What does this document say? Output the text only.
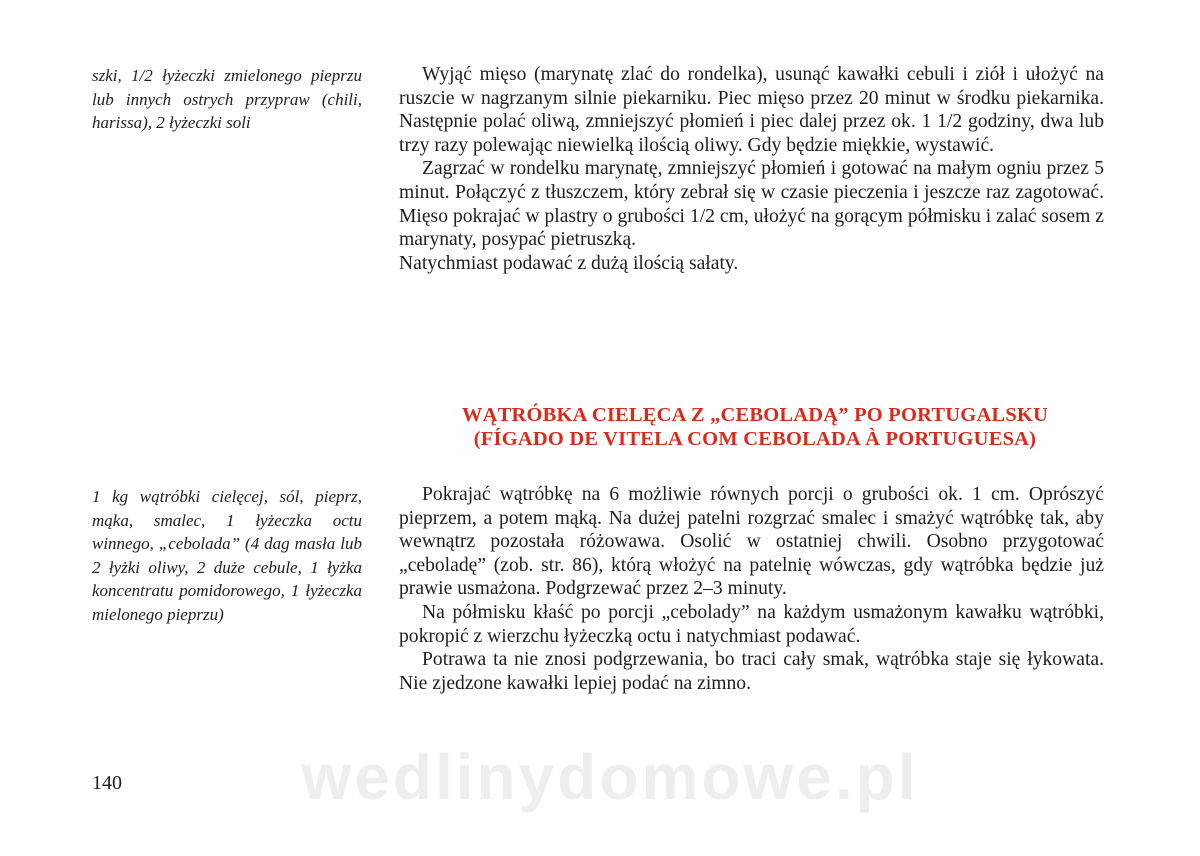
szki, 1/2 łyżeczki zmielonego pieprzu lub innych ostrych przypraw (chili, harissa), 2 łyżeczki soli

Wyjąć mięso (marynatę zlać do rondelka), usunąć kawałki cebuli i ziół i ułożyć na ruszcie w nagrzanym silnie piekarniku. Piec mięso przez 20 minut w środku piekarnika. Następnie polać oliwą, zmniejszyć płomień i piec dalej przez ok. 1 1/2 godziny, dwa lub trzy razy polewając niewielką ilością oliwy. Gdy będzie miękkie, wystawić.

Zagrzać w rondelku marynatę, zmniejszyć płomień i gotować na małym ogniu przez 5 minut. Połączyć z tłuszczem, który zebrał się w czasie pieczenia i jeszcze raz zagotować. Mięso pokrajać w plastry o grubości 1/2 cm, ułożyć na gorącym półmisku i zalać sosem z marynaty, posypać pietruszką.

Natychmiast podawać z dużą ilością sałaty.

WĄTRÓBKA CIELĘCA Z „CEBOLADĄ” PO PORTUGALSKU
(FÍGADO DE VITELA COM CEBOLADA À PORTUGUESA)

1 kg wątróbki cielęcej, sól, pieprz, mąka, smalec, 1 łyżeczka octu winnego, „cebolada” (4 dag masła lub 2 łyżki oliwy, 2 duże cebule, 1 łyżka koncentratu pomidorowego, 1 łyżeczka mielonego pieprzu)

Pokrajać wątróbkę na 6 możliwie równych porcji o grubości ok. 1 cm. Oprószyć pieprzem, a potem mąką. Na dużej patelni rozgrzać smalec i smażyć wątróbkę tak, aby wewnątrz pozostała różowawa. Osolić w ostatniej chwili. Osobno przygotować „ceboladę” (zob. str. 86), którą włożyć na patelnię wówczas, gdy wątróbka będzie już prawie usmażona. Podgrzewać przez 2–3 minuty.

Na półmisku kłaść po porcji „cebolady” na każdym usmażonym kawałku wątróbki, pokropić z wierzchu łyżeczką octu i natychmiast podawać.

Potrawa ta nie znosi podgrzewania, bo traci cały smak, wątróbka staje się łykowata. Nie zjedzone kawałki lepiej podać na zimno.

wedlinydomowe.pl

140
